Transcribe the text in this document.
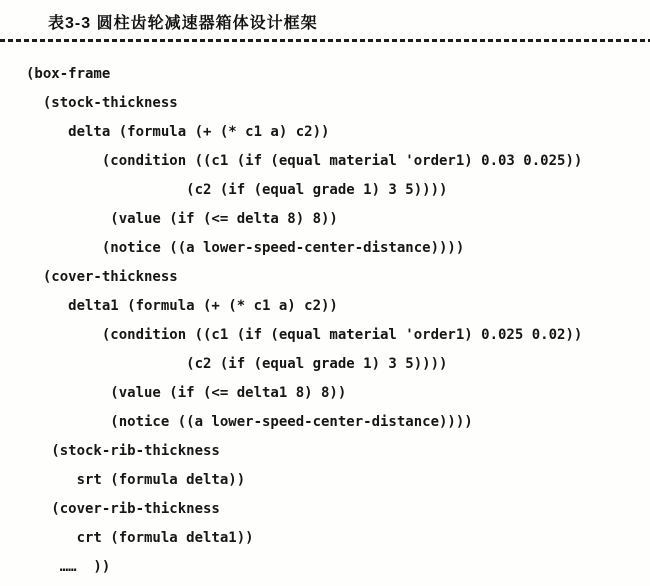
表3-3 圆柱齿轮减速器箱体设计框架
(box-frame
(stock-thickness
delta (formula (+ (* c1 a) c2))
(condition ((c1 (if (equal material 'order1) 0.03 0.025))
(c2 (if (equal grade 1) 3 5))))
(value (if (<= delta 8) 8))
(notice ((a lower-speed-center-distance))))
(cover-thickness
delta1 (formula (+ (* c1 a) c2))
(condition ((c1 (if (equal material 'order1) 0.025 0.02))
(c2 (if (equal grade 1) 3 5))))
(value (if (<= delta1 8) 8))
(notice ((a lower-speed-center-distance))))
(stock-rib-thickness
srt (formula delta))
(cover-rib-thickness
crt (formula delta1))
……  ))
